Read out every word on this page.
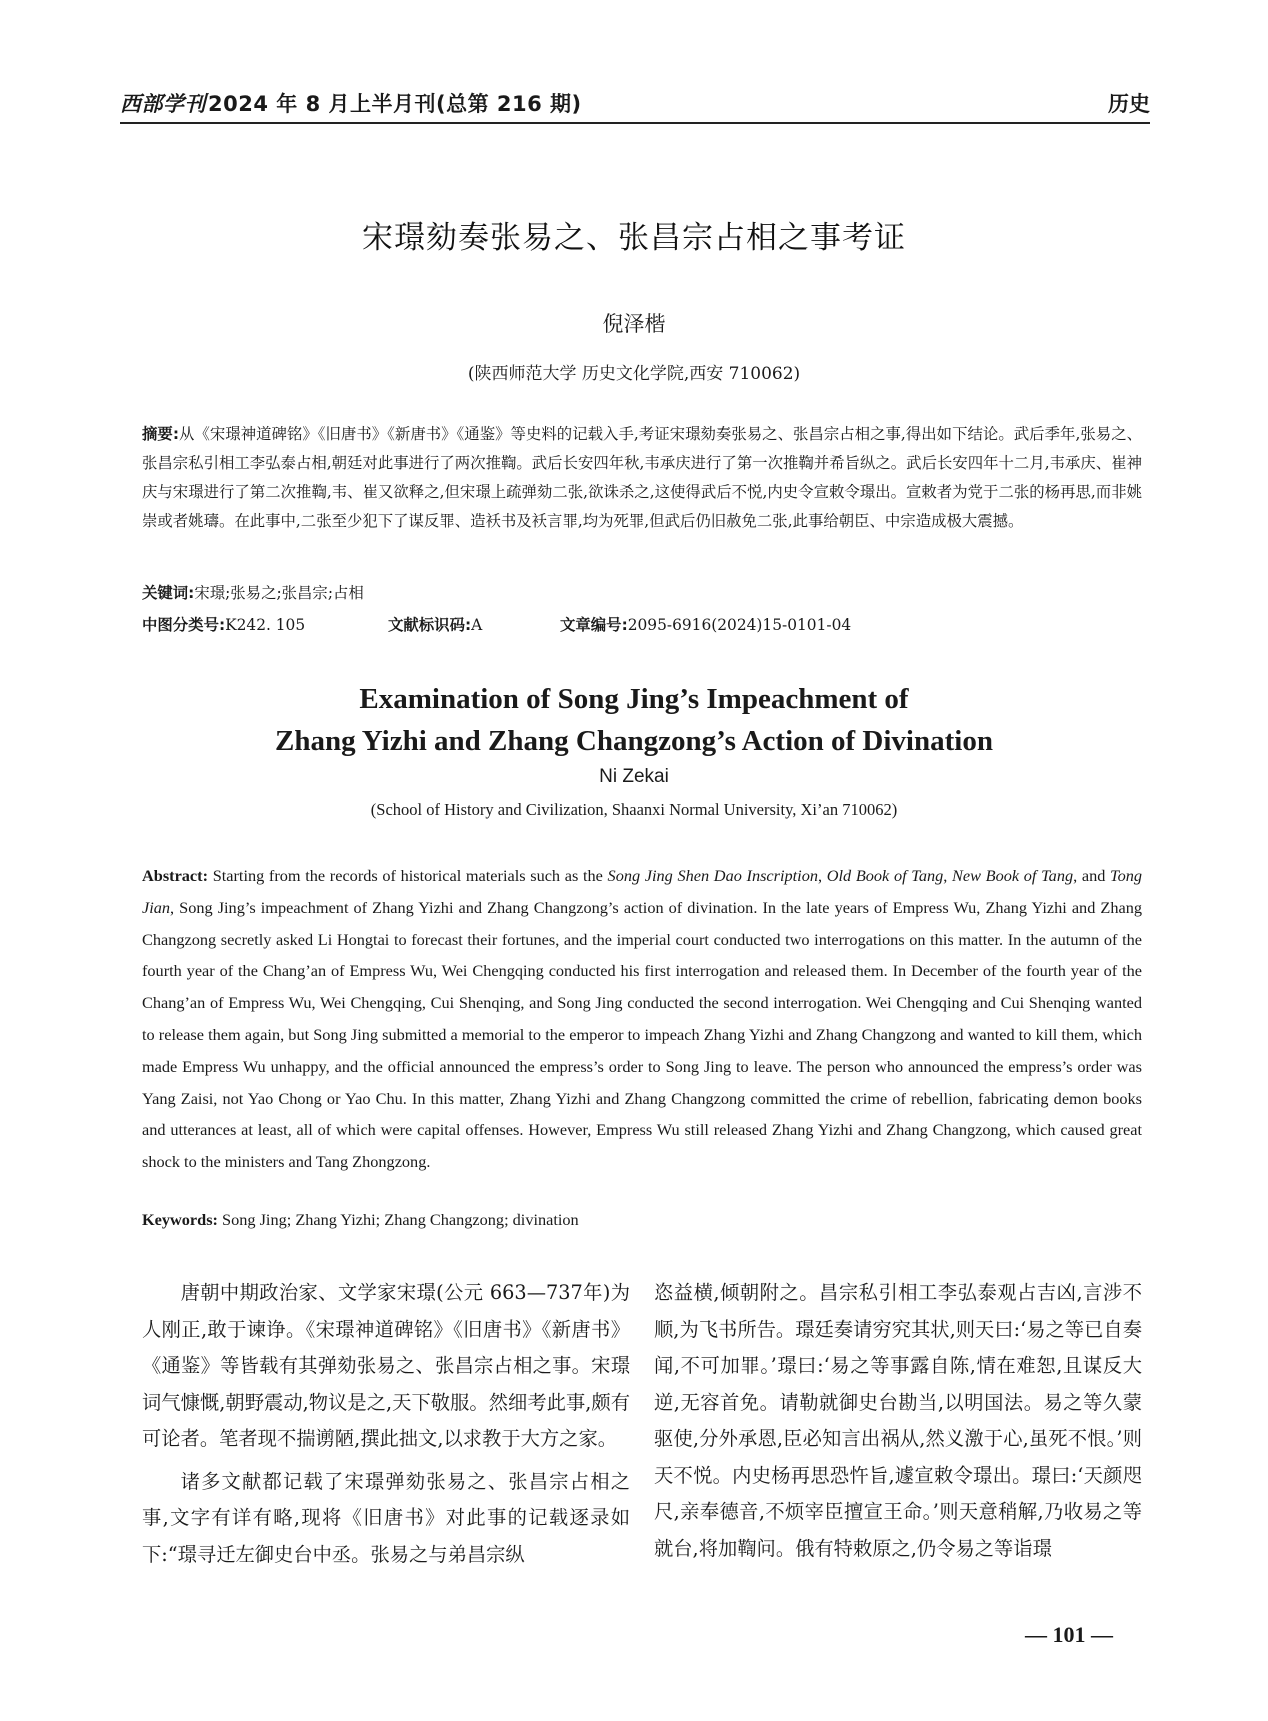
西部学刊2024 年 8 月上半月刊(总第 216 期)	历史
宋璟劾奏张易之、张昌宗占相之事考证
倪泽楷
(陕西师范大学 历史文化学院,西安 710062)
摘要:从《宋璟神道碑铭》《旧唐书》《新唐书》《通鉴》等史料的记载入手,考证宋璟劾奏张易之、张昌宗占相之事,得出如下结论。武后季年,张易之、张昌宗私引相工李弘泰占相,朝廷对此事进行了两次推鞫。武后长安四年秋,韦承庆进行了第一次推鞫并希旨纵之。武后长安四年十二月,韦承庆、崔神庆与宋璟进行了第二次推鞫,韦、崔又欲释之,但宋璟上疏弹劾二张,欲诛杀之,这使得武后不悦,内史令宣敕令璟出。宣敕者为党于二张的杨再思,而非姚崇或者姚璹。在此事中,二张至少犯下了谋反罪、造袄书及袄言罪,均为死罪,但武后仍旧赦免二张,此事给朝臣、中宗造成极大震撼。
关键词:宋璟;张易之;张昌宗;占相
中图分类号:K242. 105	文献标识码:A	文章编号:2095-6916(2024)15-0101-04
Examination of Song Jing’s Impeachment of
Zhang Yizhi and Zhang Changzong’s Action of Divination
Ni Zekai
(School of History and Civilization, Shaanxi Normal University, Xi’an 710062)
Abstract: Starting from the records of historical materials such as the Song Jing Shen Dao Inscription, Old Book of Tang, New Book of Tang, and Tong Jian, Song Jing’s impeachment of Zhang Yizhi and Zhang Changzong’s action of divination. In the late years of Empress Wu, Zhang Yizhi and Zhang Changzong secretly asked Li Hongtai to forecast their fortunes, and the imperial court conducted two interrogations on this matter. In the autumn of the fourth year of the Chang’an of Empress Wu, Wei Chengqing conducted his first interrogation and released them. In December of the fourth year of the Chang’an of Empress Wu, Wei Chengqing, Cui Shenqing, and Song Jing conducted the second interrogation. Wei Chengqing and Cui Shenqing wanted to release them again, but Song Jing submitted a memorial to the emperor to impeach Zhang Yizhi and Zhang Changzong and wanted to kill them, which made Empress Wu unhappy, and the official announced the empress’s order to Song Jing to leave. The person who announced the empress’s order was Yang Zaisi, not Yao Chong or Yao Chu. In this matter, Zhang Yizhi and Zhang Changzong committed the crime of rebellion, fabricating demon books and utterances at least, all of which were capital offenses. However, Empress Wu still released Zhang Yizhi and Zhang Changzong, which caused great shock to the ministers and Tang Zhongzong.
Keywords: Song Jing; Zhang Yizhi; Zhang Changzong; divination

唐朝中期政治家、文学家宋璟(公元 663—737年)为人刚正,敢于谏诤。《宋璟神道碑铭》《旧唐书》《新唐书》《通鉴》等皆载有其弹劾张易之、张昌宗占相之事。宋璟词气慷慨,朝野震动,物议是之,天下敬服。然细考此事,颇有可论者。笔者现不揣谫陋,撰此拙文,以求教于大方之家。

诸多文献都记载了宋璟弹劾张易之、张昌宗占相之事,文字有详有略,现将《旧唐书》对此事的记载逐录如下:“璟寻迁左御史台中丞。张易之与弟昌宗纵

恣益横,倾朝附之。昌宗私引相工李弘泰观占吉凶,言涉不顺,为飞书所告。璟廷奏请穷究其状,则天曰:‘易之等已自奏闻,不可加罪。’璟曰:‘易之等事露自陈,情在难恕,且谋反大逆,无容首免。请勒就御史台勘当,以明国法。易之等久蒙驱使,分外承恩,臣必知言出祸从,然义激于心,虽死不恨。’则天不悦。内史杨再思恐忤旨,遽宣敕令璟出。璟曰:‘天颜咫尺,亲奉德音,不烦宰臣擅宣王命。’则天意稍解,乃收易之等就台,将加鞫问。俄有特敕原之,仍令易之等诣璟

— 101 —
